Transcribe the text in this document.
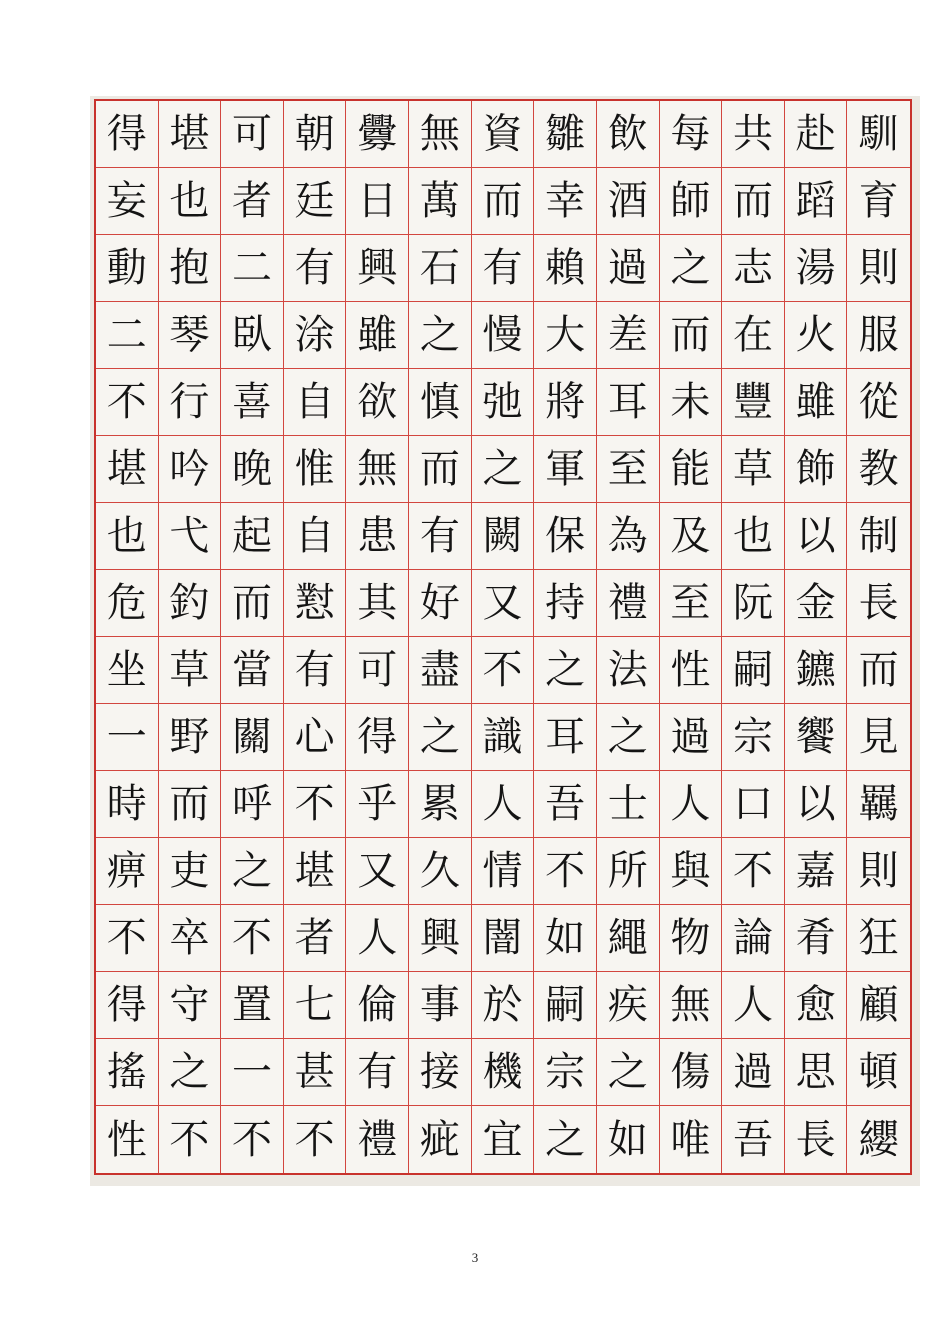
得 堪 可 朝 釁 無 資 雛 飲 每 共 赴 馴
妄 也 者 廷 日 萬 而 幸 酒 師 而 蹈 育
動 抱 二 有 興 石 有 賴 過 之 志 湯 則
二 琴 臥 涂 雖 之 慢 大 差 而 在 火 服
不 行 喜 自 欲 慎 弛 將 耳 未 豐 雖 從
堪 吟 晚 惟 無 而 之 軍 至 能 草 飾 教
也 弋 起 自 患 有 闕 保 為 及 也 以 制
危 釣 而 懟 其 好 又 持 禮 至 阮 金 長
坐 草 當 有 可 盡 不 之 法 性 嗣 鑣 而
一 野 關 心 得 之 識 耳 之 過 宗 饗 見
時 而 呼 不 乎 累 人 吾 士 人 口 以 羈
痹 吏 之 堪 又 久 情 不 所 與 不 嘉 則
不 卒 不 者 人 興 闇 如 繩 物 論 肴 狂
得 守 置 七 倫 事 於 嗣 疾 無 人 愈 顧
搖 之 一 甚 有 接 機 宗 之 傷 過 思 頓
性 不 不 不 禮 疵 宜 之 如 唯 吾 長 纓
3
